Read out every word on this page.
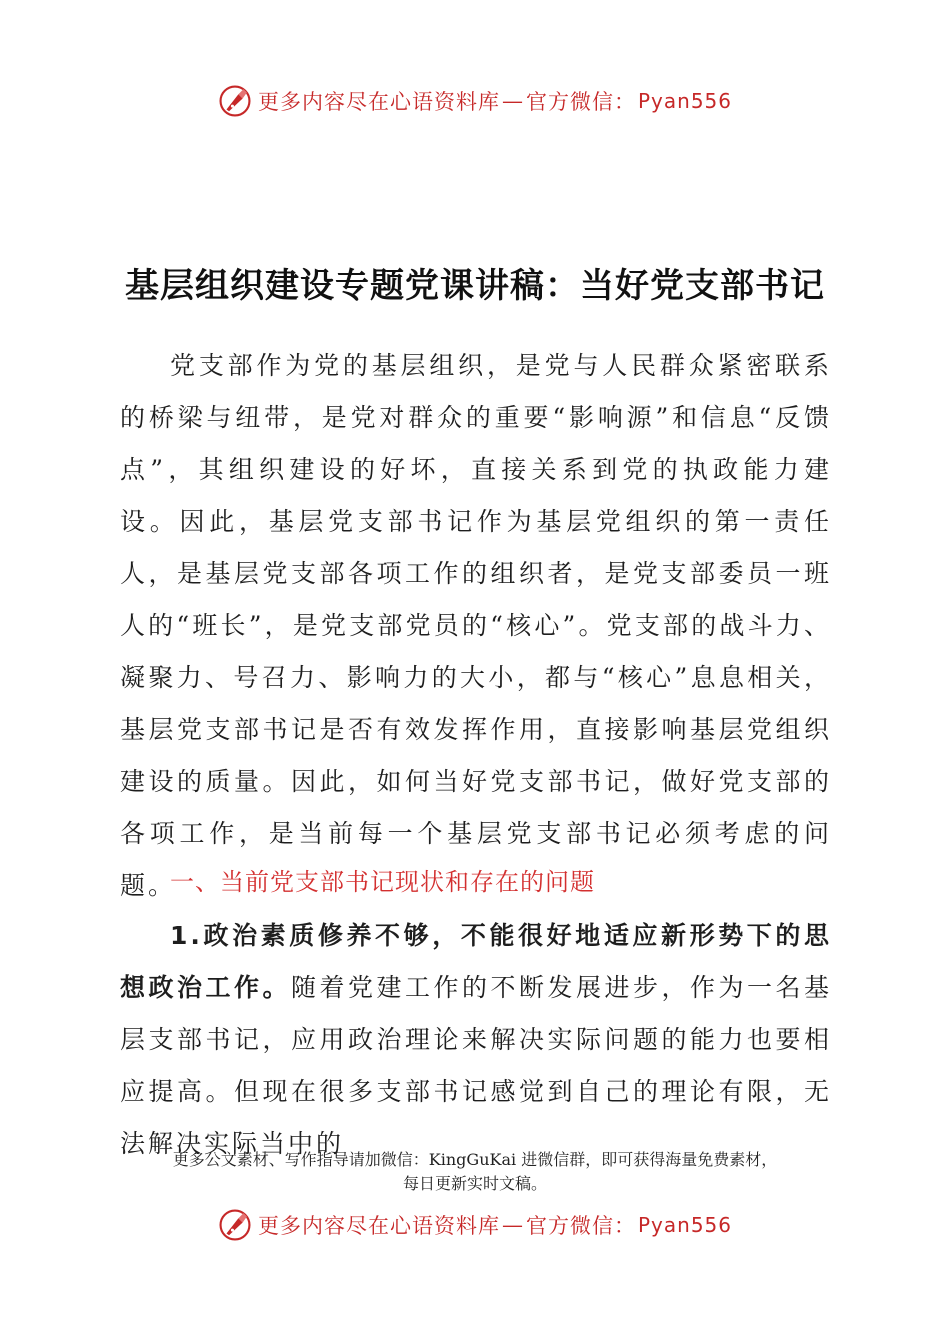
更多内容尽在心语资料库 — 官方微信： Pyan556
基层组织建设专题党课讲稿：当好党支部书记
党支部作为党的基层组织，是党与人民群众紧密联系的桥梁与纽带，是党对群众的重要“影响源”和信息“反馈点”，其组织建设的好坏，直接关系到党的执政能力建设。因此，基层党支部书记作为基层党组织的第一责任人，是基层党支部各项工作的组织者，是党支部委员一班人的“班长”，是党支部党员的“核心”。党支部的战斗力、凝聚力、号召力、影响力的大小，都与“核心”息息相关，基层党支部书记是否有效发挥作用，直接影响基层党组织建设的质量。因此，如何当好党支部书记，做好党支部的各项工作，是当前每一个基层党支部书记必须考虑的问题。
一、当前党支部书记现状和存在的问题
1.政治素质修养不够，不能很好地适应新形势下的思想政治工作。随着党建工作的不断发展进步，作为一名基层支部书记，应用政治理论来解决实际问题的能力也要相应提高。但现在很多支部书记感觉到自己的理论有限，无法解决实际当中的
更多公文素材、写作指导请加微信：KingGuKai 进微信群，即可获得海量免费素材，
每日更新实时文稿。
更多内容尽在心语资料库 — 官方微信： Pyan556
